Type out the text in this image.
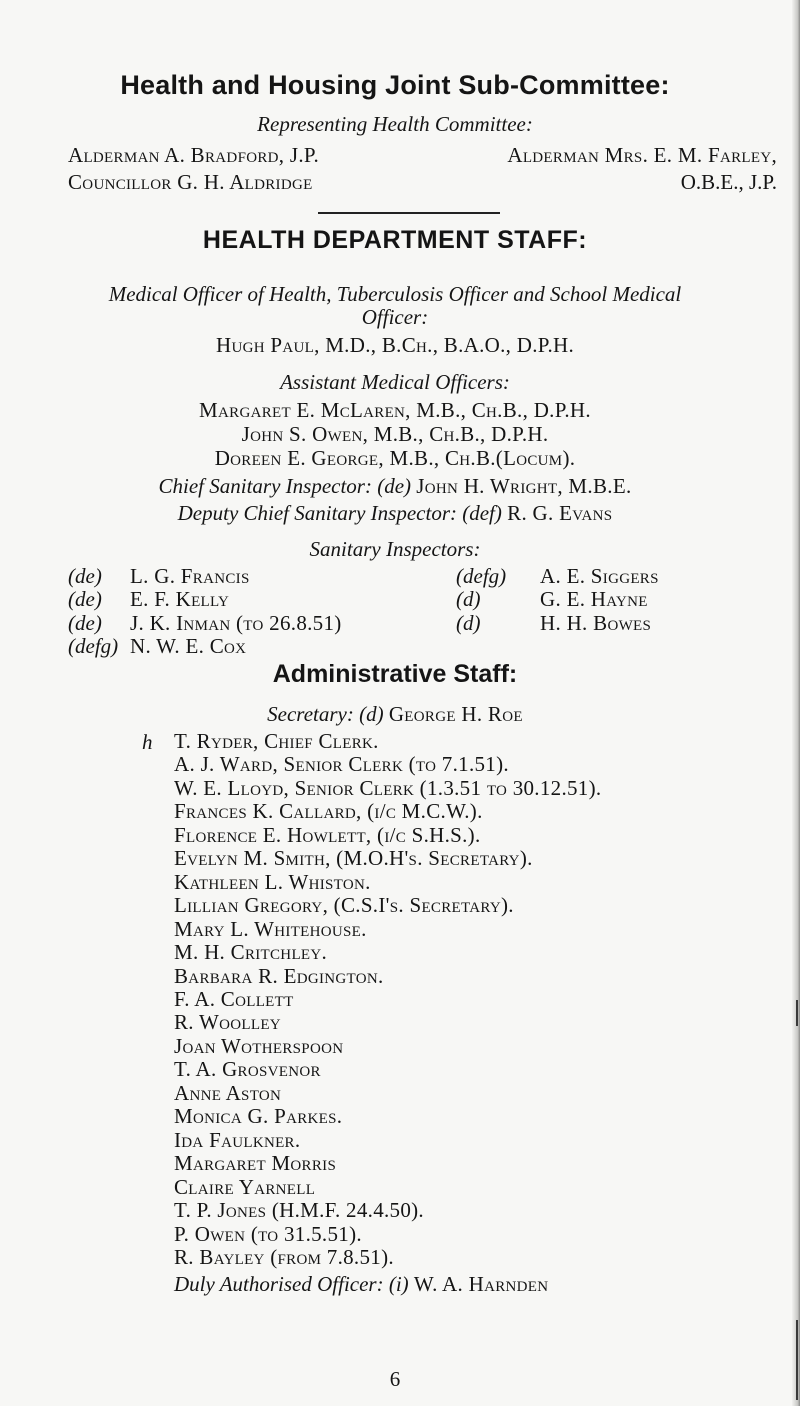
Health and Housing Joint Sub-Committee:
Representing Health Committee:
Alderman A. Bradford, J.P.
Councillor G. H. Aldridge
Alderman Mrs. E. M. Farley,
O.B.E., J.P.
HEALTH DEPARTMENT STAFF:
Medical Officer of Health, Tuberculosis Officer and School Medical
Officer:
Hugh Paul, M.D., B.Ch., B.A.O., D.P.H.
Assistant Medical Officers:
Margaret E. McLaren, M.B., Ch.B., D.P.H.
John S. Owen, M.B., Ch.B., D.P.H.
Doreen E. George, M.B., Ch.B.(Locum).
Chief Sanitary Inspector: (de) John H. Wright, M.B.E.
Deputy Chief Sanitary Inspector: (def) R. G. Evans
Sanitary Inspectors:
(de) L. G. Francis
(de) E. F. Kelly
(de) J. K. Inman (to 26.8.51)
(defg) N. W. E. Cox
(defg) A. E. Siggers
(d)	G. E. Hayne
(d)	H. H. Bowes
Administrative Staff:
Secretary: (d) George H. Roe
h T. Ryder, Chief Clerk.
A. J. Ward, Senior Clerk (to 7.1.51).
W. E. Lloyd, Senior Clerk (1.3.51 to 30.12.51).
Frances K. Callard, (i/c M.C.W.).
Florence E. Howlett, (i/c S.H.S.).
Evelyn M. Smith, (M.O.H's. Secretary).
Kathleen L. Whiston.
Lillian Gregory, (C.S.I's. Secretary).
Mary L. Whitehouse.
M. H. Critchley.
Barbara R. Edgington.
F. A. Collett
R. Woolley
Joan Wotherspoon
T. A. Grosvenor
Anne Aston
Monica G. Parkes.
Ida Faulkner.
Margaret Morris
Claire Yarnell
T. P. Jones (H.M.F. 24.4.50).
P. Owen (to 31.5.51).
R. Bayley (from 7.8.51).
Duly Authorised Officer: (i) W. A. Harnden
6
